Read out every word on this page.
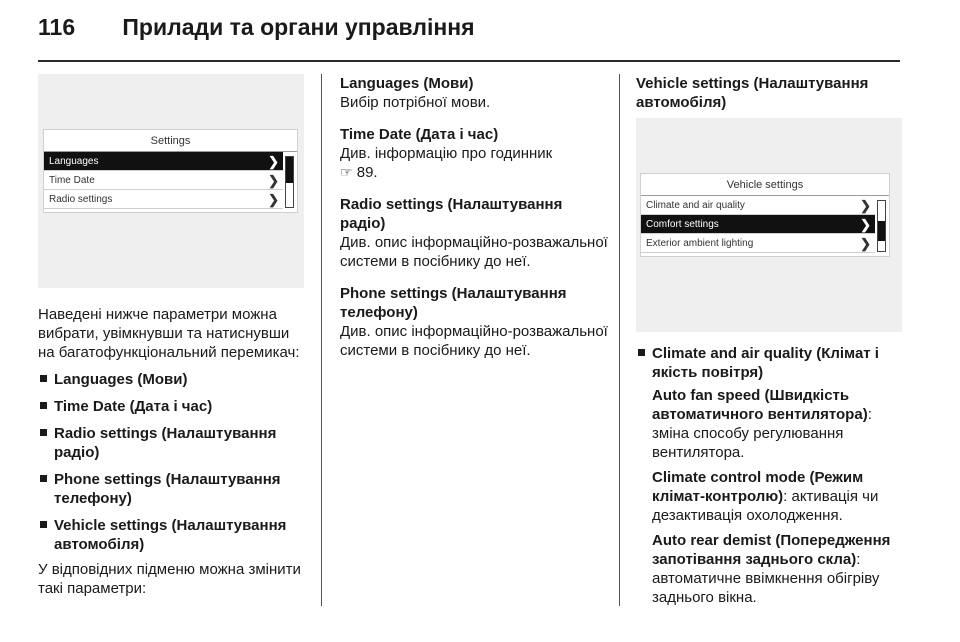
116 Прилади та органи управління
Settings
Languages	❯
Time Date	❯
Radio settings	❯

Наведені нижче параметри можна вибрати, увімкнувши та натиснувши на багатофункціональний перемикач:

Languages (Мови)
Time Date (Дата і час)
Radio settings (Налаштування радіо)
Phone settings (Налаштування телефону)
Vehicle settings (Налаштування автомобіля)

У відповідних підменю можна змінити такі параметри:

Languages (Мови)
Вибір потрібної мови.
Time Date (Дата і час)
Див. інформацію про годинник
☞ 89.
Radio settings (Налаштування радіо)
Див. опис інформаційно-розважальної системи в посібнику до неї.
Phone settings (Налаштування телефону)
Див. опис інформаційно-розважальної системи в посібнику до неї.
Vehicle settings (Налаштування автомобіля)
Vehicle settings
Climate and air quality	❯
Comfort settings	❯
Exterior ambient lighting	❯
Climate and air quality (Клімат і якість повітря)
Auto fan speed (Швидкість автоматичного вентилятора): зміна способу регулювання вентилятора.
Climate control mode (Режим клімат-контролю): активація чи дезактивація охолодження.
Auto rear demist (Попередження запотівання заднього скла): автоматичне ввімкнення обігріву заднього вікна.
